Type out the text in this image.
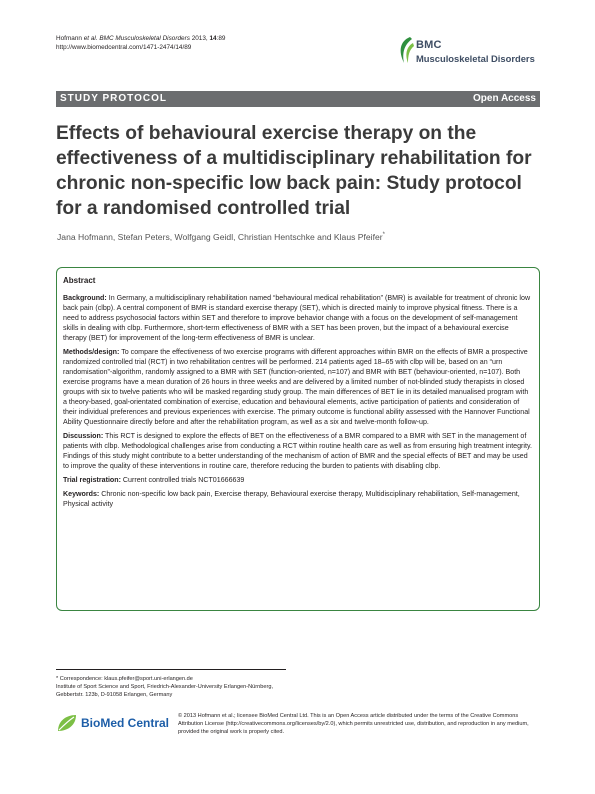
Hofmann et al. BMC Musculoskeletal Disorders 2013, 14:89
http://www.biomedcentral.com/1471-2474/14/89	BMC
Musculoskeletal Disorders
STUDY PROTOCOL	Open Access
Effects of behavioural exercise therapy on the effectiveness of a multidisciplinary rehabilitation for chronic non-specific low back pain: Study protocol for a randomised controlled trial
Jana Hofmann, Stefan Peters, Wolfgang Geidl, Christian Hentschke and Klaus Pfeifer*
Abstract

Background: In Germany, a multidisciplinary rehabilitation named “behavioural medical rehabilitation” (BMR) is available for treatment of chronic low back pain (clbp). A central component of BMR is standard exercise therapy (SET), which is directed mainly to improve physical fitness. There is a need to address psychosocial factors within SET and therefore to improve behavior change with a focus on the development of self-management skills in dealing with clbp. Furthermore, short-term effectiveness of BMR with a SET has been proven, but the impact of a behavioural exercise therapy (BET) for improvement of the long-term effectiveness of BMR is unclear.

Methods/design: To compare the effectiveness of two exercise programs with different approaches within BMR on the effects of BMR a prospective randomized controlled trial (RCT) in two rehabilitation centres will be performed. 214 patients aged 18–65 with clbp will be, based on an “urn randomisation”-algorithm, randomly assigned to a BMR with SET (function-oriented, n=107) and BMR with BET (behaviour-oriented, n=107). Both exercise programs have a mean duration of 26 hours in three weeks and are delivered by a limited number of not-blinded study therapists in closed groups with six to twelve patients who will be masked regarding study group. The main differences of BET lie in its detailed manualised program with a theory-based, goal-orientated combination of exercise, education and behavioural elements, active participation of patients and consideration of their individual preferences and previous experiences with exercise. The primary outcome is functional ability assessed with the Hannover Functional Ability Questionnaire directly before and after the rehabilitation program, as well as a six and twelve-month follow-up.

Discussion: This RCT is designed to explore the effects of BET on the effectiveness of a BMR compared to a BMR with SET in the management of patients with clbp. Methodological challenges arise from conducting a RCT within routine health care as well as from ensuring high treatment integrity. Findings of this study might contribute to a better understanding of the mechanism of action of BMR and the special effects of BET and may be used to improve the quality of these interventions in routine care, therefore reducing the burden to patients with disabling clbp.

Trial registration: Current controlled trials NCT01666639

Keywords: Chronic non-specific low back pain, Exercise therapy, Behavioural exercise therapy, Multidisciplinary rehabilitation, Self-management, Physical activity

* Correspondence: klaus.pfeifer@sport.uni-erlangen.de
Institute of Sport Science and Sport, Friedrich-Alexander-University Erlangen-Nürnberg, Gebbertstr. 123b, D-91058 Erlangen, Germany
BioMed Central © 2013 Hofmann et al.; licensee BioMed Central Ltd. This is an Open Access article distributed under the terms of the Creative Commons Attribution License (http://creativecommons.org/licenses/by/2.0), which permits unrestricted use, distribution, and reproduction in any medium, provided the original work is properly cited.
